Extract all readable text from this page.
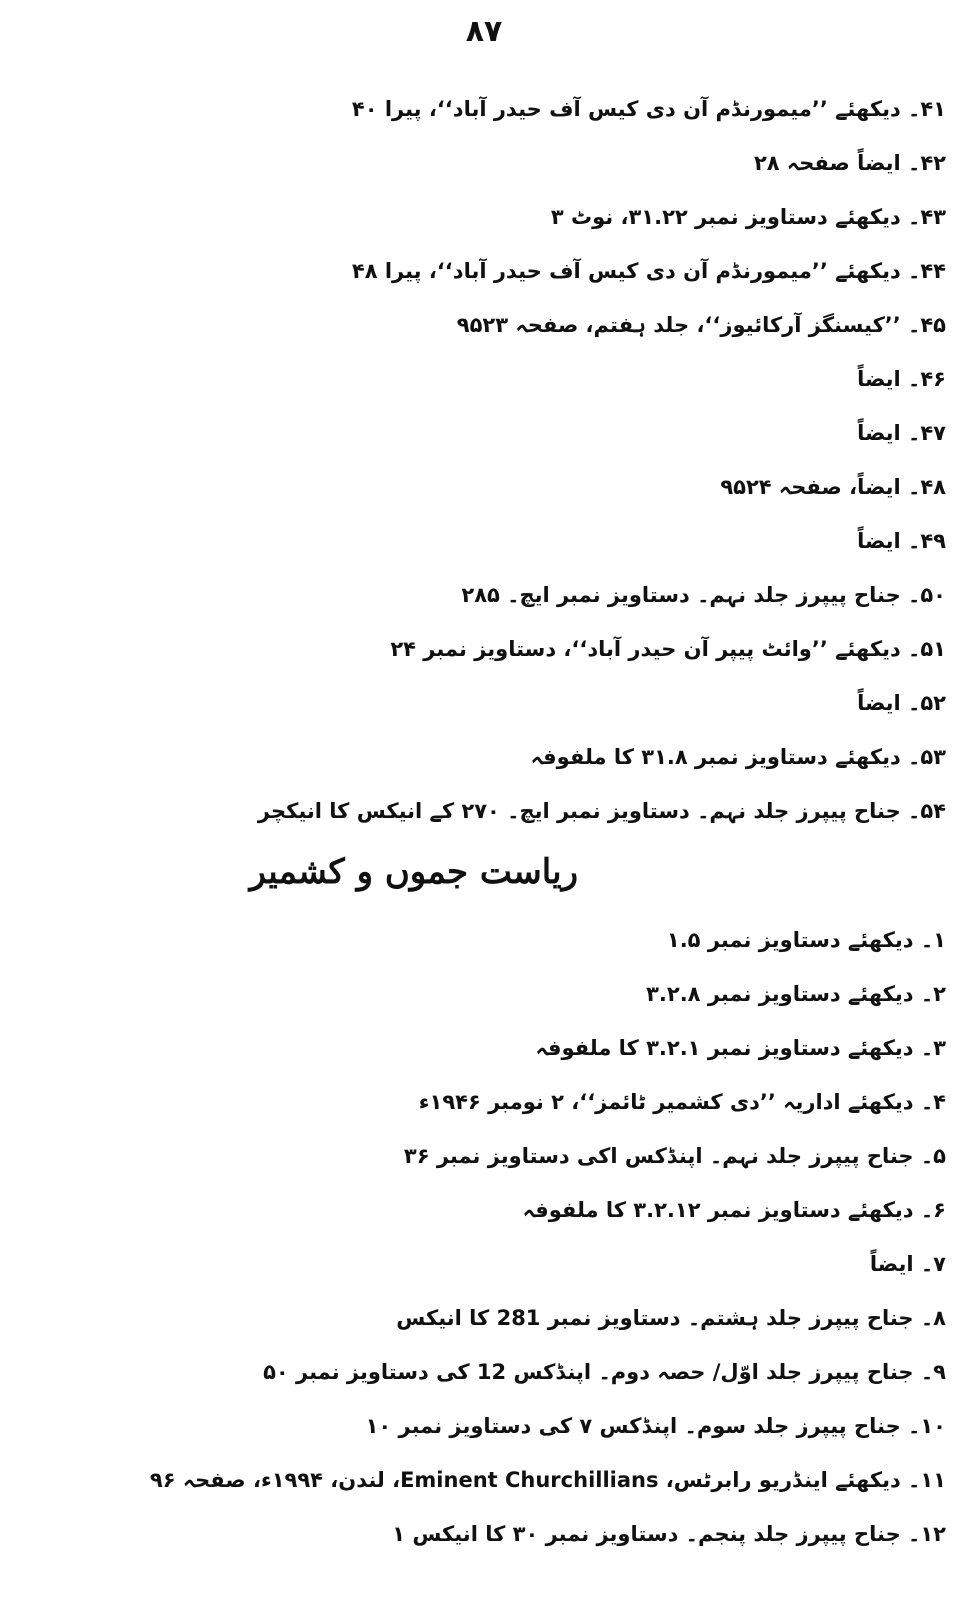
۸۷
۴۱۔ دیکھئے ’’میمورنڈم آن دی کیس آف حیدر آباد‘‘، پیرا ۴۰
۴۲۔ ایضاً صفحہ ۲۸
۴۳۔ دیکھئے دستاویز نمبر ۳۱.۲۲، نوٹ ۳
۴۴۔ دیکھئے ’’میمورنڈم آن دی کیس آف حیدر آباد‘‘، پیرا ۴۸
۴۵۔ ’’کیسنگز آرکائیوز‘‘، جلد ہفتم، صفحہ ۹۵۲۳
۴۶۔ ایضاً
۴۷۔ ایضاً
۴۸۔ ایضاً، صفحہ ۹۵۲۴
۴۹۔ ایضاً
۵۰۔ جناح پیپرز جلد نہم۔ دستاویز نمبر ایچ۔ ۲۸۵
۵۱۔ دیکھئے ’’وائٹ پیپر آن حیدر آباد‘‘، دستاویز نمبر ۲۴
۵۲۔ ایضاً
۵۳۔ دیکھئے دستاویز نمبر ۳۱.۸ کا ملفوفہ
۵۴۔ جناح پیپرز جلد نہم۔ دستاویز نمبر ایچ۔ ۲۷۰ کے انیکس کا انیکچر
ریاست جموں و کشمیر
۱۔ دیکھئے دستاویز نمبر ۱.۵
۲۔ دیکھئے دستاویز نمبر ۳.۲.۸
۳۔ دیکھئے دستاویز نمبر ۳.۲.۱ کا ملفوفہ
۴۔ دیکھئے اداریہ ’’دی کشمیر ٹائمز‘‘، ۲ نومبر ۱۹۴۶ء
۵۔ جناح پیپرز جلد نہم۔ اپنڈکس اکی دستاویز نمبر ۳۶
۶۔ دیکھئے دستاویز نمبر ۳.۲.۱۲ کا ملفوفہ
۷۔ ایضاً
۸۔ جناح پیپرز جلد ہشتم۔ دستاویز نمبر 281 کا انیکس
۹۔ جناح پیپرز جلد اوّل/ حصہ دوم۔ اپنڈکس 12 کی دستاویز نمبر ۵۰
۱۰۔ جناح پیپرز جلد سوم۔ اپنڈکس ۷ کی دستاویز نمبر ۱۰
۱۱۔ دیکھئے اینڈریو رابرٹس، Eminent Churchillians، لندن، ۱۹۹۴ء، صفحہ ۹۶
۱۲۔ جناح پیپرز جلد پنجم۔ دستاویز نمبر ۳۰ کا انیکس ۱
